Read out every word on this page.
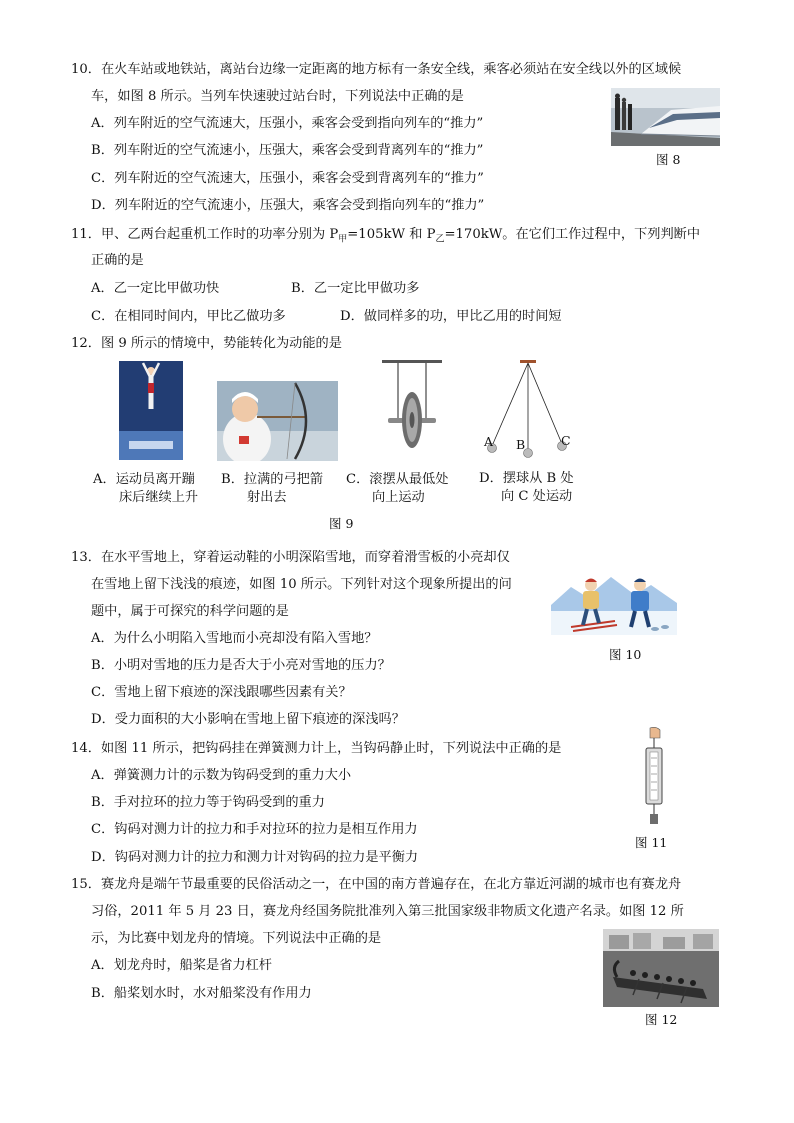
10．在火车站或地铁站，离站台边缘一定距离的地方标有一条安全线，乘客必须站在安全线以外的区域候
车，如图 8 所示。当列车快速驶过站台时，下列说法中正确的是
A．列车附近的空气流速大，压强小，乘客会受到指向列车的“推力”
B．列车附近的空气流速小，压强大，乘客会受到背离列车的“推力”
C．列车附近的空气流速大，压强小，乘客会受到背离列车的“推力”
D．列车附近的空气流速小，压强大，乘客会受到指向列车的“推力”
图 8
11．甲、乙两台起重机工作时的功率分别为 $P_甲=105kW$ 和 $P_乙=170kW$。在它们工作过程中，下列判断中
正确的是
A．乙一定比甲做功快	B．乙一定比甲做功多
C．在相同时间内，甲比乙做功多	D．做同样多的功，甲比乙用的时间短
12．图 9 所示的情境中，势能转化为动能的是
A B	C
A．运动员离开蹦
床后继续上升
B．拉满的弓把箭
射出去
C．滚摆从最低处
向上运动
D．摆球从 B 处
向 C 处运动
图 9
13．在水平雪地上，穿着运动鞋的小明深陷雪地，而穿着滑雪板的小亮却仅
在雪地上留下浅浅的痕迹，如图 10 所示。下列针对这个现象所提出的问
题中，属于可探究的科学问题的是
A．为什么小明陷入雪地而小亮却没有陷入雪地？
B．小明对雪地的压力是否大于小亮对雪地的压力？
C．雪地上留下痕迹的深浅跟哪些因素有关？
D．受力面积的大小影响在雪地上留下痕迹的深浅吗？
图 10
14．如图 11 所示，把钩码挂在弹簧测力计上，当钩码静止时，下列说法中正确的是
A．弹簧测力计的示数为钩码受到的重力大小
B．手对拉环的拉力等于钩码受到的重力
C．钩码对测力计的拉力和手对拉环的拉力是相互作用力
D．钩码对测力计的拉力和测力计对钩码的拉力是平衡力
图 11
15．赛龙舟是端午节最重要的民俗活动之一，在中国的南方普遍存在，在北方靠近河湖的城市也有赛龙舟
习俗，2011 年 5 月 23 日，赛龙舟经国务院批准列入第三批国家级非物质文化遗产名录。如图 12 所
示，为比赛中划龙舟的情境。下列说法中正确的是
A．划龙舟时，船桨是省力杠杆
B．船桨划水时，水对船桨没有作用力
图 12
